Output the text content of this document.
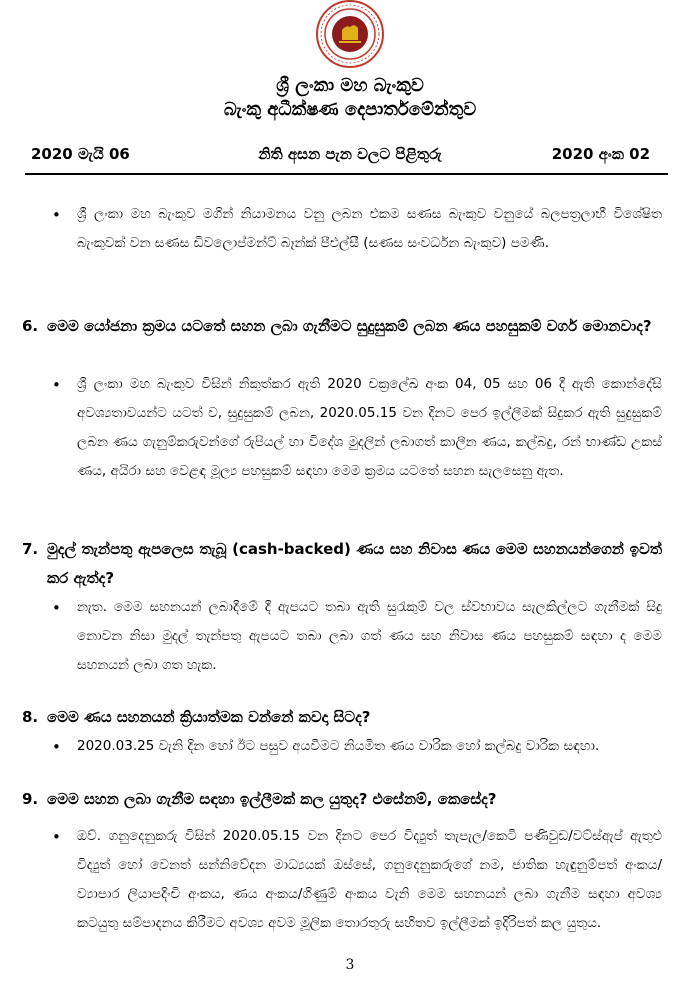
ශ්‍රී ලංකා මහ බැංකුව
බැංකු අධීක්ෂණ දෙපාර්තමේන්තුව
2020 මැයි 06	නිති අසන පැන වලට පිළිතුරු	2020 අංක 02
• ශ්‍රී ලංකා මහ බැංකුව මගින් නියාමනය වනු ලබන එකම සණස බැංකුව වනුයේ බලපත්‍රලාභී විශේෂිත බැංකුවක් වන සණස ඩිවලොප්මන්ට් බෑන්ක් පීඑල්සී (සණස සංවර්ධන බැංකුව) පමණි.
6. මෙම යෝජනා ක්‍රමය යටතේ සහන ලබා ගැනීමට සුදුසුකම් ලබන ණය පහසුකම් වර්ග මොනවාද?
• ශ්‍රී ලංකා මහ බැංකුව විසින් නිකුත්කර ඇති 2020 චක්‍රලේඛ අංක 04, 05 සහ 06 දී ඇති කොන්දේසි අවශ්‍යතාවයන්ට යටත් ව, සුදුසුකම් ලබන, 2020.05.15 වන දිනට පෙර ඉල්ලීමක් සිදුකර ඇති සුදුසුකම් ලබන ණය ගැනුම්කරුවන්ගේ රුපියල් හා විදේශ මුදලින් ලබාගත් කාලීන ණය, කල්බදු, රන් භාණ්ඩ උකස් ණය, අයිරා සහ වෙළඳ මූල්‍ය පහසුකම් සඳහා මෙම ක්‍රමය යටතේ සහන සැලසෙනු ඇත.
7. මුදල් තැන්පතු ඇපලෙස තැබූ (cash-backed) ණය සහ නිවාස ණය මෙම සහනයන්ගෙන් ඉවත් කර ඇත්ද?
• නැත. මෙම සහනයන් ලබාදීමේ දී ඇපයට තබා ඇති සුරැකුම් වල ස්වභාවය සැලකිල්ලට ගැනීමක් සිදු නොවන නිසා මුදල් තැන්පතු ඇපයට තබා ලබා ගත් ණය සහ නිවාස ණය පහසුකම් සඳහා ද මෙම සහනයන් ලබා ගත හැක.
8. මෙම ණය සහනයන් ක්‍රියාත්මක වන්නේ කවදා සිටද?
• 2020.03.25 වැනි දින හෝ ඊට පසුව අයවීමට නියමිත ණය වාරික හෝ කල්බදු වාරික සඳහා.
9. මෙම සහන ලබා ගැනීම සඳහා ඉල්ලීමක් කල යුතුද? එසේනම්, කෙසේද?
• ඔව්. ගනුදෙනුකරු විසින් 2020.05.15 වන දිනට පෙර විද්‍යුත් තැපැල/කෙටි පණිවුඩ/වට්ස්ඇප් ඇතුළු විද්‍යුත් හෝ වෙනත් සන්නිවේදන මාධ්‍යයක් ඔස්සේ, ගනුදෙනුකරුගේ නම, ජාතික හැඳුනුම්පත් අංකය/ව්‍යාපාර ලියාපදිංචි අංකය, ණය අංකය/ගිණුම් අංකය වැනි මෙම සහනයන් ලබා ගැනීම සඳහා අවශ්‍ය කටයුතු සම්පාදනය කිරීමට අවශ්‍ය අවම මූලික තොරතුරු සහිතව ඉල්ලීමක් ඉදිරිපත් කල යුතුය.
3
